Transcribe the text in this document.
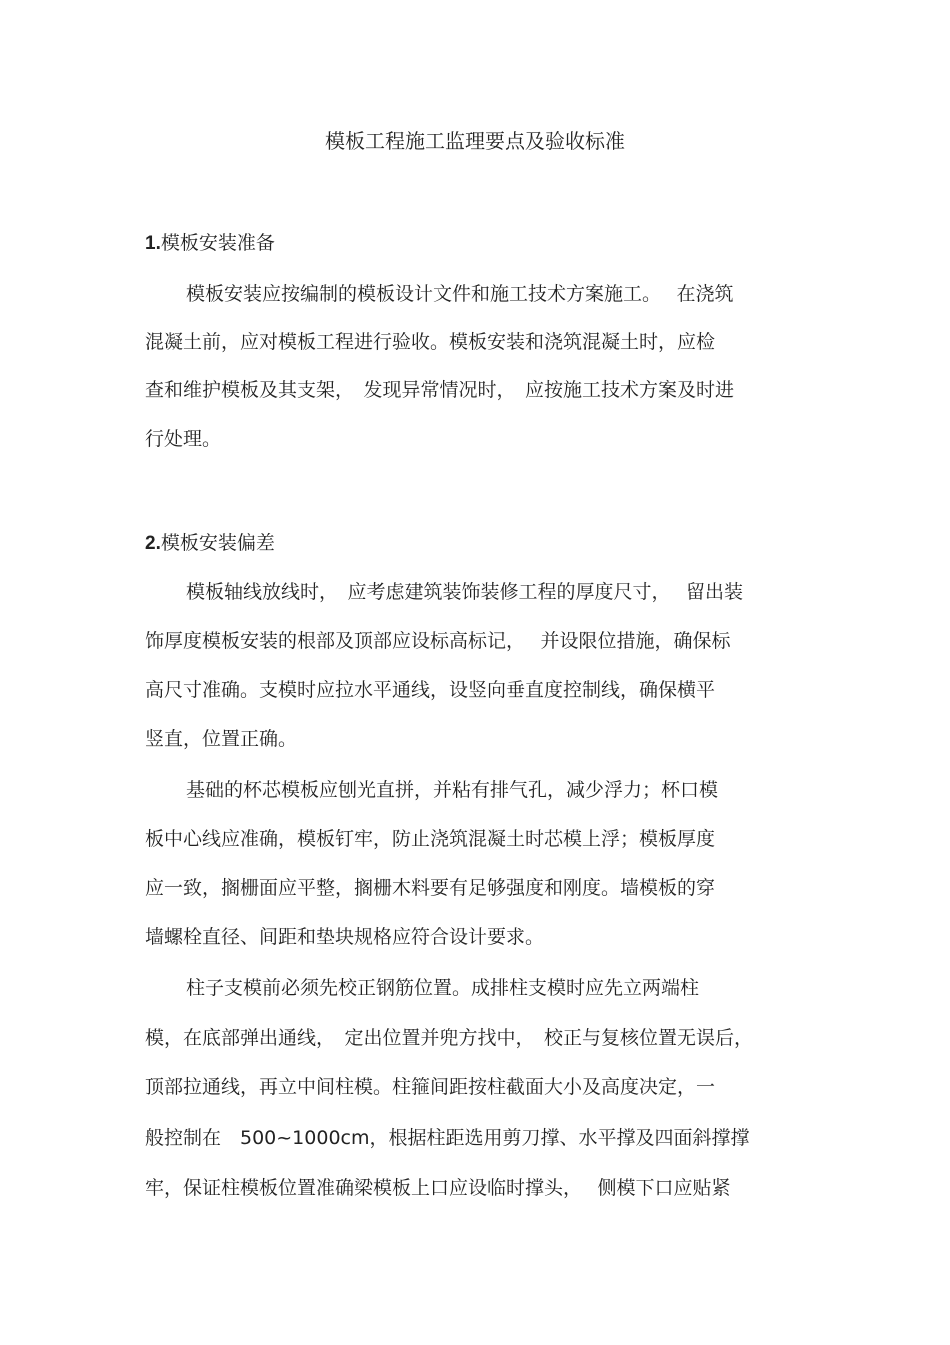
模板工程施工监理要点及验收标准
1.模板安装准备
模板安装应按编制的模板设计文件和施工技术方案施工。　 在浇筑
混凝土前，应对模板工程进行验收。模板安装和浇筑混凝土时，应检
查和维护模板及其支架，　发现异常情况时，　应按施工技术方案及时进
行处理。
2.模板安装偏差
模板轴线放线时，　应考虑建筑装饰装修工程的厚度尺寸，　 留出装
饰厚度模板安装的根部及顶部应设标高标记，　 并设限位措施，确保标
高尺寸准确。支模时应拉水平通线，设竖向垂直度控制线，确保横平
竖直，位置正确。
基础的杯芯模板应刨光直拼，并粘有排气孔，减少浮力；杯口模
板中心线应准确，模板钉牢，防止浇筑混凝土时芯模上浮；模板厚度
应一致，搁栅面应平整，搁栅木料要有足够强度和刚度。墙模板的穿
墙螺栓直径、间距和垫块规格应符合设计要求。
柱子支模前必须先校正钢筋位置。成排柱支模时应先立两端柱
模，在底部弹出通线，　定出位置并兜方找中，　校正与复核位置无误后，
顶部拉通线，再立中间柱模。柱箍间距按柱截面大小及高度决定，一
般控制在　500~1000cm，根据柱距选用剪刀撑、水平撑及四面斜撑撑
牢，保证柱模板位置准确梁模板上口应设临时撑头，　 侧模下口应贴紧
